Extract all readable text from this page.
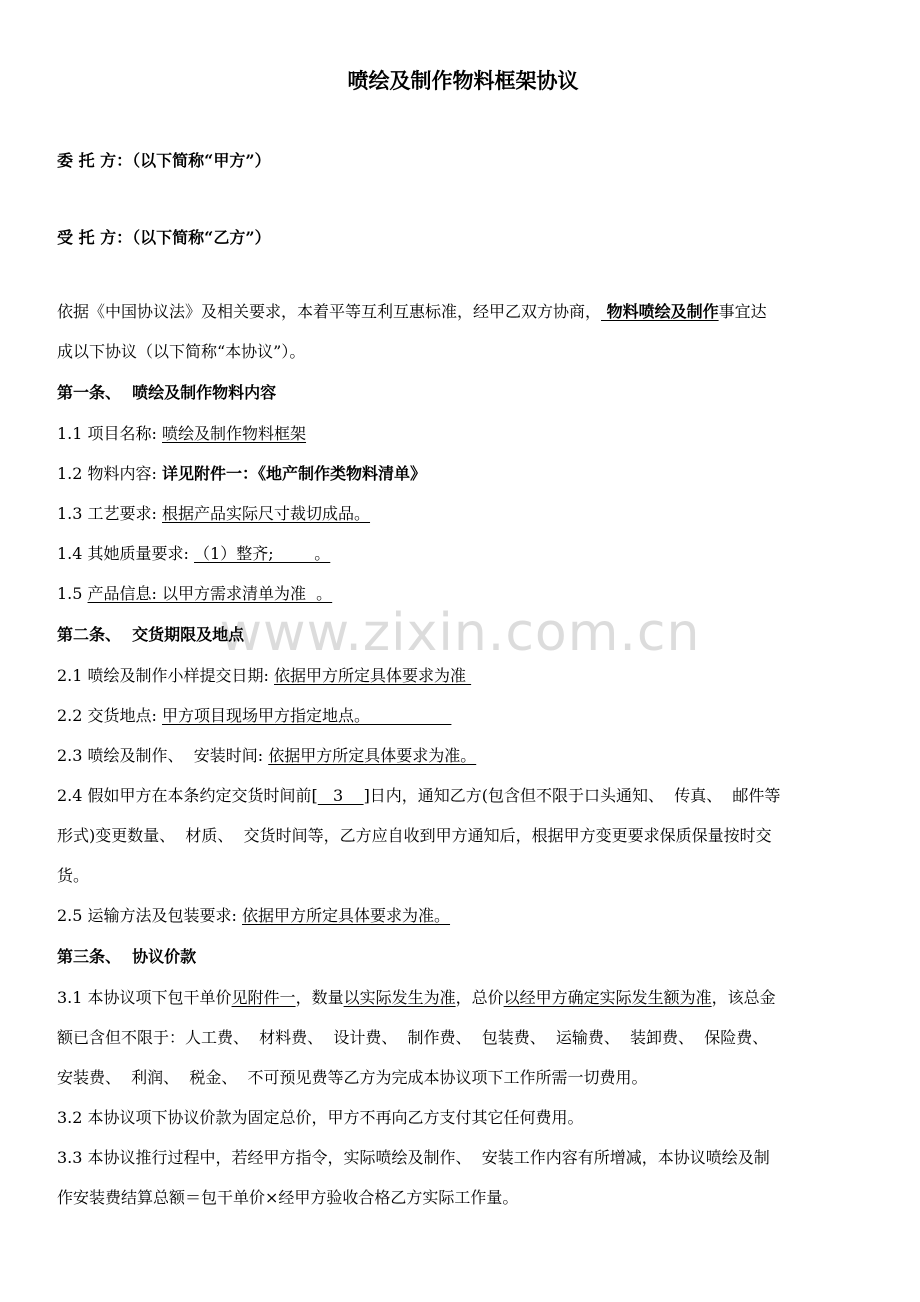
www.zixin.com.cn
喷绘及制作物料框架协议
委 托 方：（以下简称“甲方”）
受 托 方：（以下简称“乙方”）
依据《中国协议法》及相关要求，本着平等互利互惠标准，经甲乙双方协商， 物料喷绘及制作事宜达
成以下协议（以下简称“本协议”）。
第一条、  喷绘及制作物料内容
1.1 项目名称: 喷绘及制作物料框架
1.2 物料内容: 详见附件一：《地产制作类物料清单》
1.3 工艺要求: 根据产品实际尺寸裁切成品。
1.4 其她质量要求: （1）整齐;        。
1.5 产品信息: 以甲方需求清单为准  。
第二条、  交货期限及地点
2.1 喷绘及制作小样提交日期: 依据甲方所定具体要求为准
2.2 交货地点: 甲方项目现场甲方指定地点。
2.3 喷绘及制作、  安装时间: 依据甲方所定具体要求为准。
2.4 假如甲方在本条约定交货时间前[   3    ]日内，通知乙方(包含但不限于口头通知、  传真、  邮件等
形式)变更数量、  材质、  交货时间等，乙方应自收到甲方通知后，根据甲方变更要求保质保量按时交
货。
2.5 运输方法及包装要求: 依据甲方所定具体要求为准。
第三条、  协议价款
3.1 本协议项下包干单价见附件一，数量以实际发生为准，总价以经甲方确定实际发生额为准，该总金
额已含但不限于：人工费、  材料费、  设计费、  制作费、  包装费、  运输费、  装卸费、  保险费、
安装费、  利润、  税金、  不可预见费等乙方为完成本协议项下工作所需一切费用。
3.2 本协议项下协议价款为固定总价，甲方不再向乙方支付其它任何费用。
3.3 本协议推行过程中，若经甲方指令，实际喷绘及制作、  安装工作内容有所增减，本协议喷绘及制
作安装费结算总额＝包干单价×经甲方验收合格乙方实际工作量。
